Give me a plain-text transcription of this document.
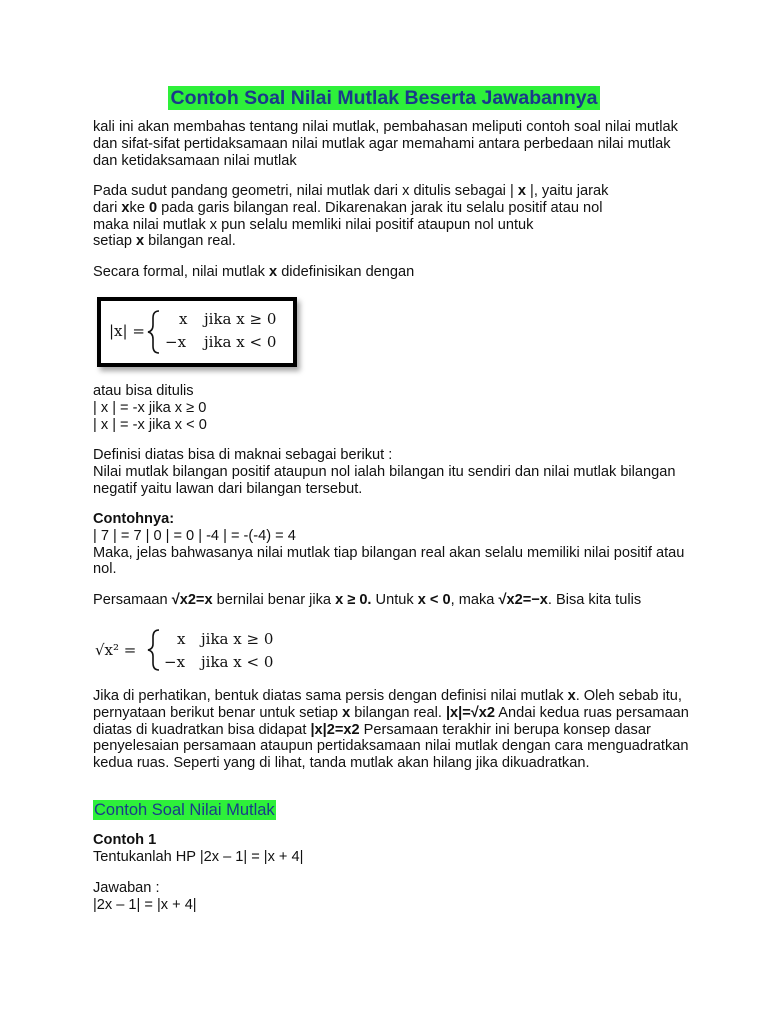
Contoh Soal Nilai Mutlak Beserta Jawabannya

kali ini akan membahas tentang nilai mutlak, pembahasan meliputi contoh soal nilai mutlak dan sifat-sifat pertidaksamaan nilai mutlak agar memahami antara perbedaan nilai mutlak dan ketidaksamaan nilai mutlak

Pada sudut pandang geometri, nilai mutlak dari x ditulis sebagai | x |, yaitu jarak
dari xke 0 pada garis bilangan real. Dikarenakan jarak itu selalu positif atau nol
maka nilai mutlak x pun selalu memliki nilai positif ataupun nol untuk
setiap x bilangan real.

Secara formal, nilai mutlak x didefinisikan dengan

|x| =
x jika x ≥ 0
−x jika x < 0

atau bisa ditulis
| x | = -x jika x ≥ 0
| x | = -x jika x < 0

Definisi diatas bisa di maknai sebagai berikut :
Nilai mutlak bilangan positif ataupun nol ialah bilangan itu sendiri dan nilai mutlak bilangan negatif yaitu lawan dari bilangan tersebut.

Contohnya:
| 7 | = 7 | 0 | = 0 | -4 | = -(-4) = 4
Maka, jelas bahwasanya nilai mutlak tiap bilangan real akan selalu memiliki nilai positif atau nol.

Persamaan √x2=x bernilai benar jika x ≥ 0. Untuk x < 0, maka √x2=−x. Bisa kita tulis

√x² =
x jika x ≥ 0
−x jika x < 0

Jika di perhatikan, bentuk diatas sama persis dengan definisi nilai mutlak x. Oleh sebab itu, pernyataan berikut benar untuk setiap x bilangan real. |x|=√x2 Andai kedua ruas persamaan diatas di kuadratkan bisa didapat |x|2=x2 Persamaan terakhir ini berupa konsep dasar penyelesaian persamaan ataupun pertidaksamaan nilai mutlak dengan cara menguadratkan kedua ruas. Seperti yang di lihat, tanda mutlak akan hilang jika dikuadratkan.

Contoh Soal Nilai Mutlak

Contoh 1
Tentukanlah HP |2x – 1| = |x + 4|

Jawaban :
|2x – 1| = |x + 4|
